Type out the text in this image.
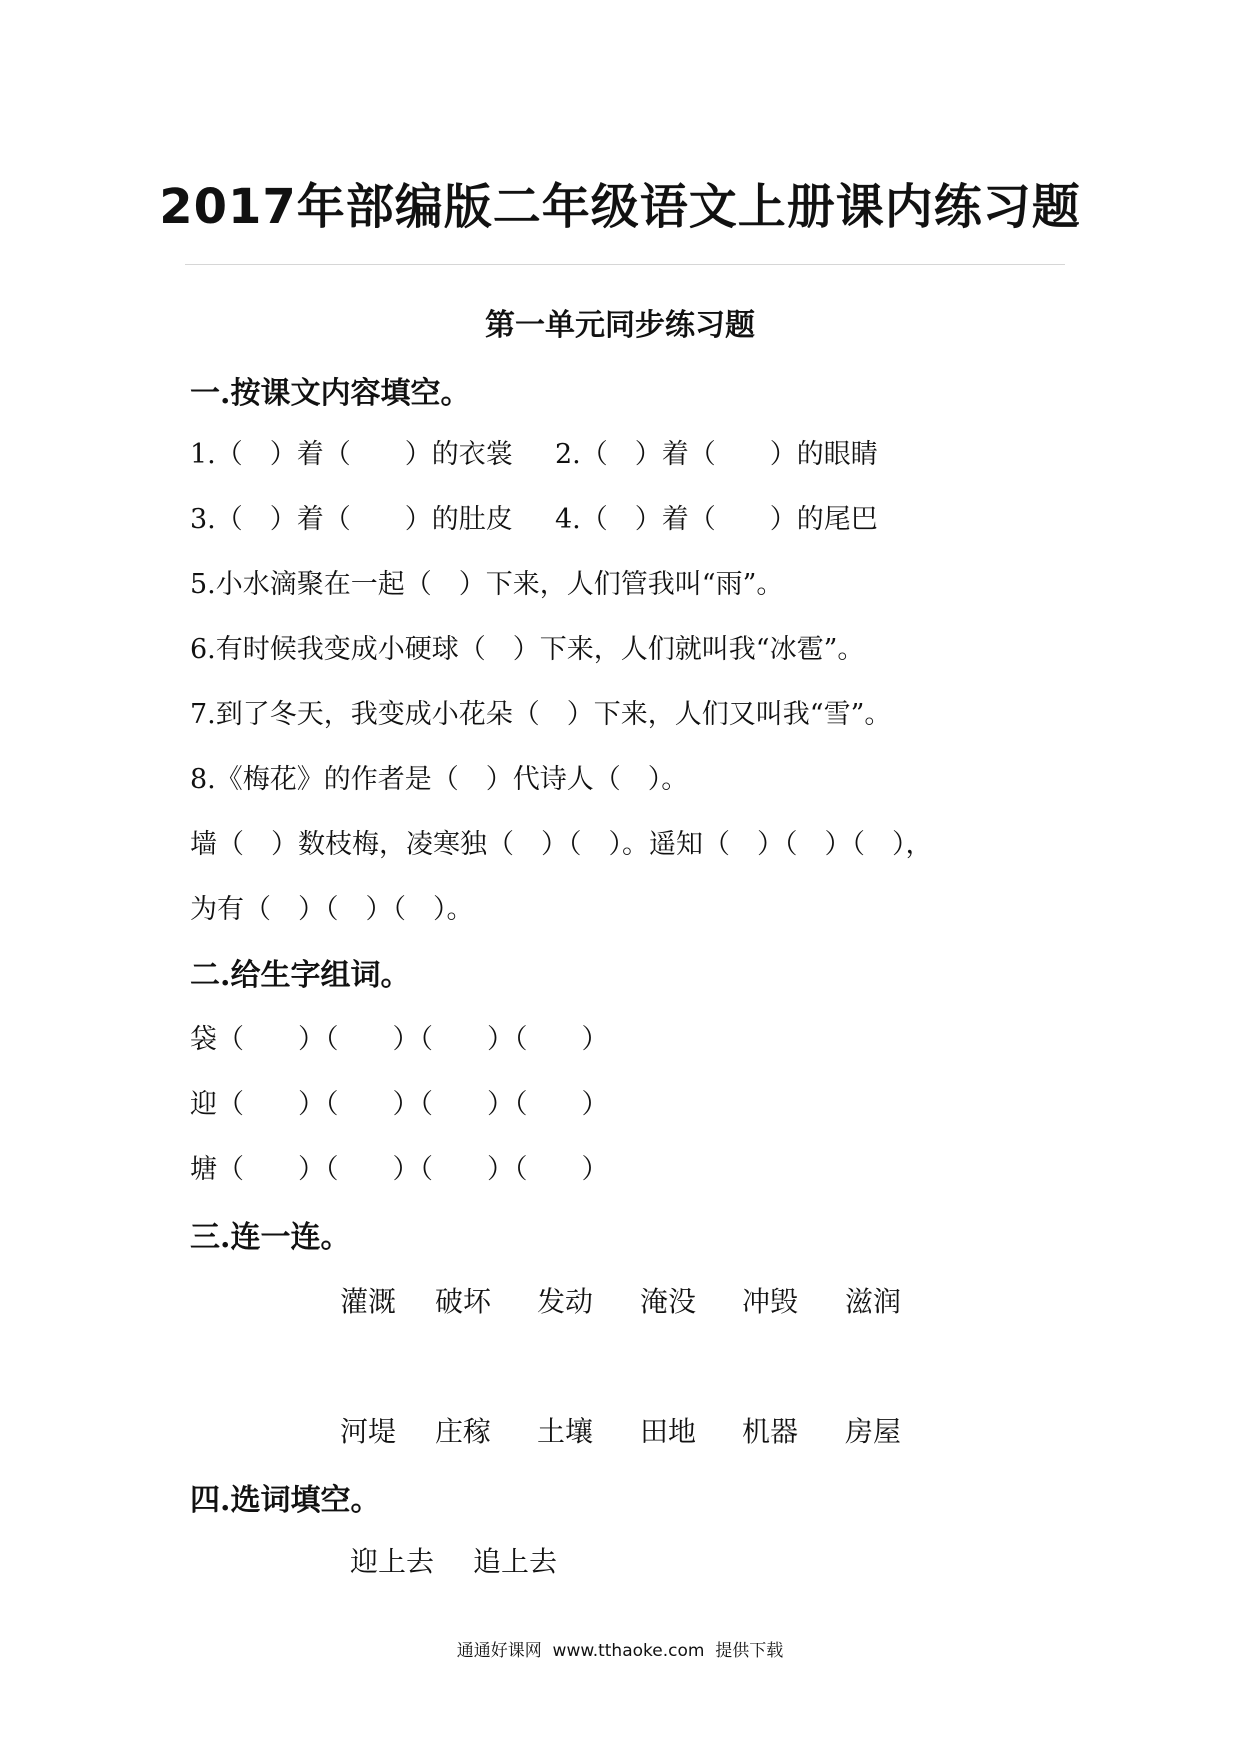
2017年部编版二年级语文上册课内练习题
第一单元同步练习题
一.按课文内容填空。
1.（　）着（　　）的衣裳 2.（　）着（　　）的眼睛
3.（　）着（　　）的肚皮 4.（　）着（　　）的尾巴
5.小水滴聚在一起（　）下来，人们管我叫“雨”。
6.有时候我变成小硬球（　）下来，人们就叫我“冰雹”。
7.到了冬天，我变成小花朵（　）下来，人们又叫我“雪”。
8.《梅花》的作者是（　）代诗人（　）。
墙（　）数枝梅，凌寒独（　）（　）。遥知（　）（　）（　），
为有（　）（　）（　）。
二.给生字组词。
袋（　　）（　　）（　　）（　　）
迎（　　）（　　）（　　）（　　）
塘（　　）（　　）（　　）（　　）
三.连一连。
灌溉 破坏 发动 淹没 冲毁 滋润
河堤 庄稼 土壤 田地 机器 房屋
四.选词填空。
迎上去 追上去
通通好课网  www.tthaoke.com  提供下载
